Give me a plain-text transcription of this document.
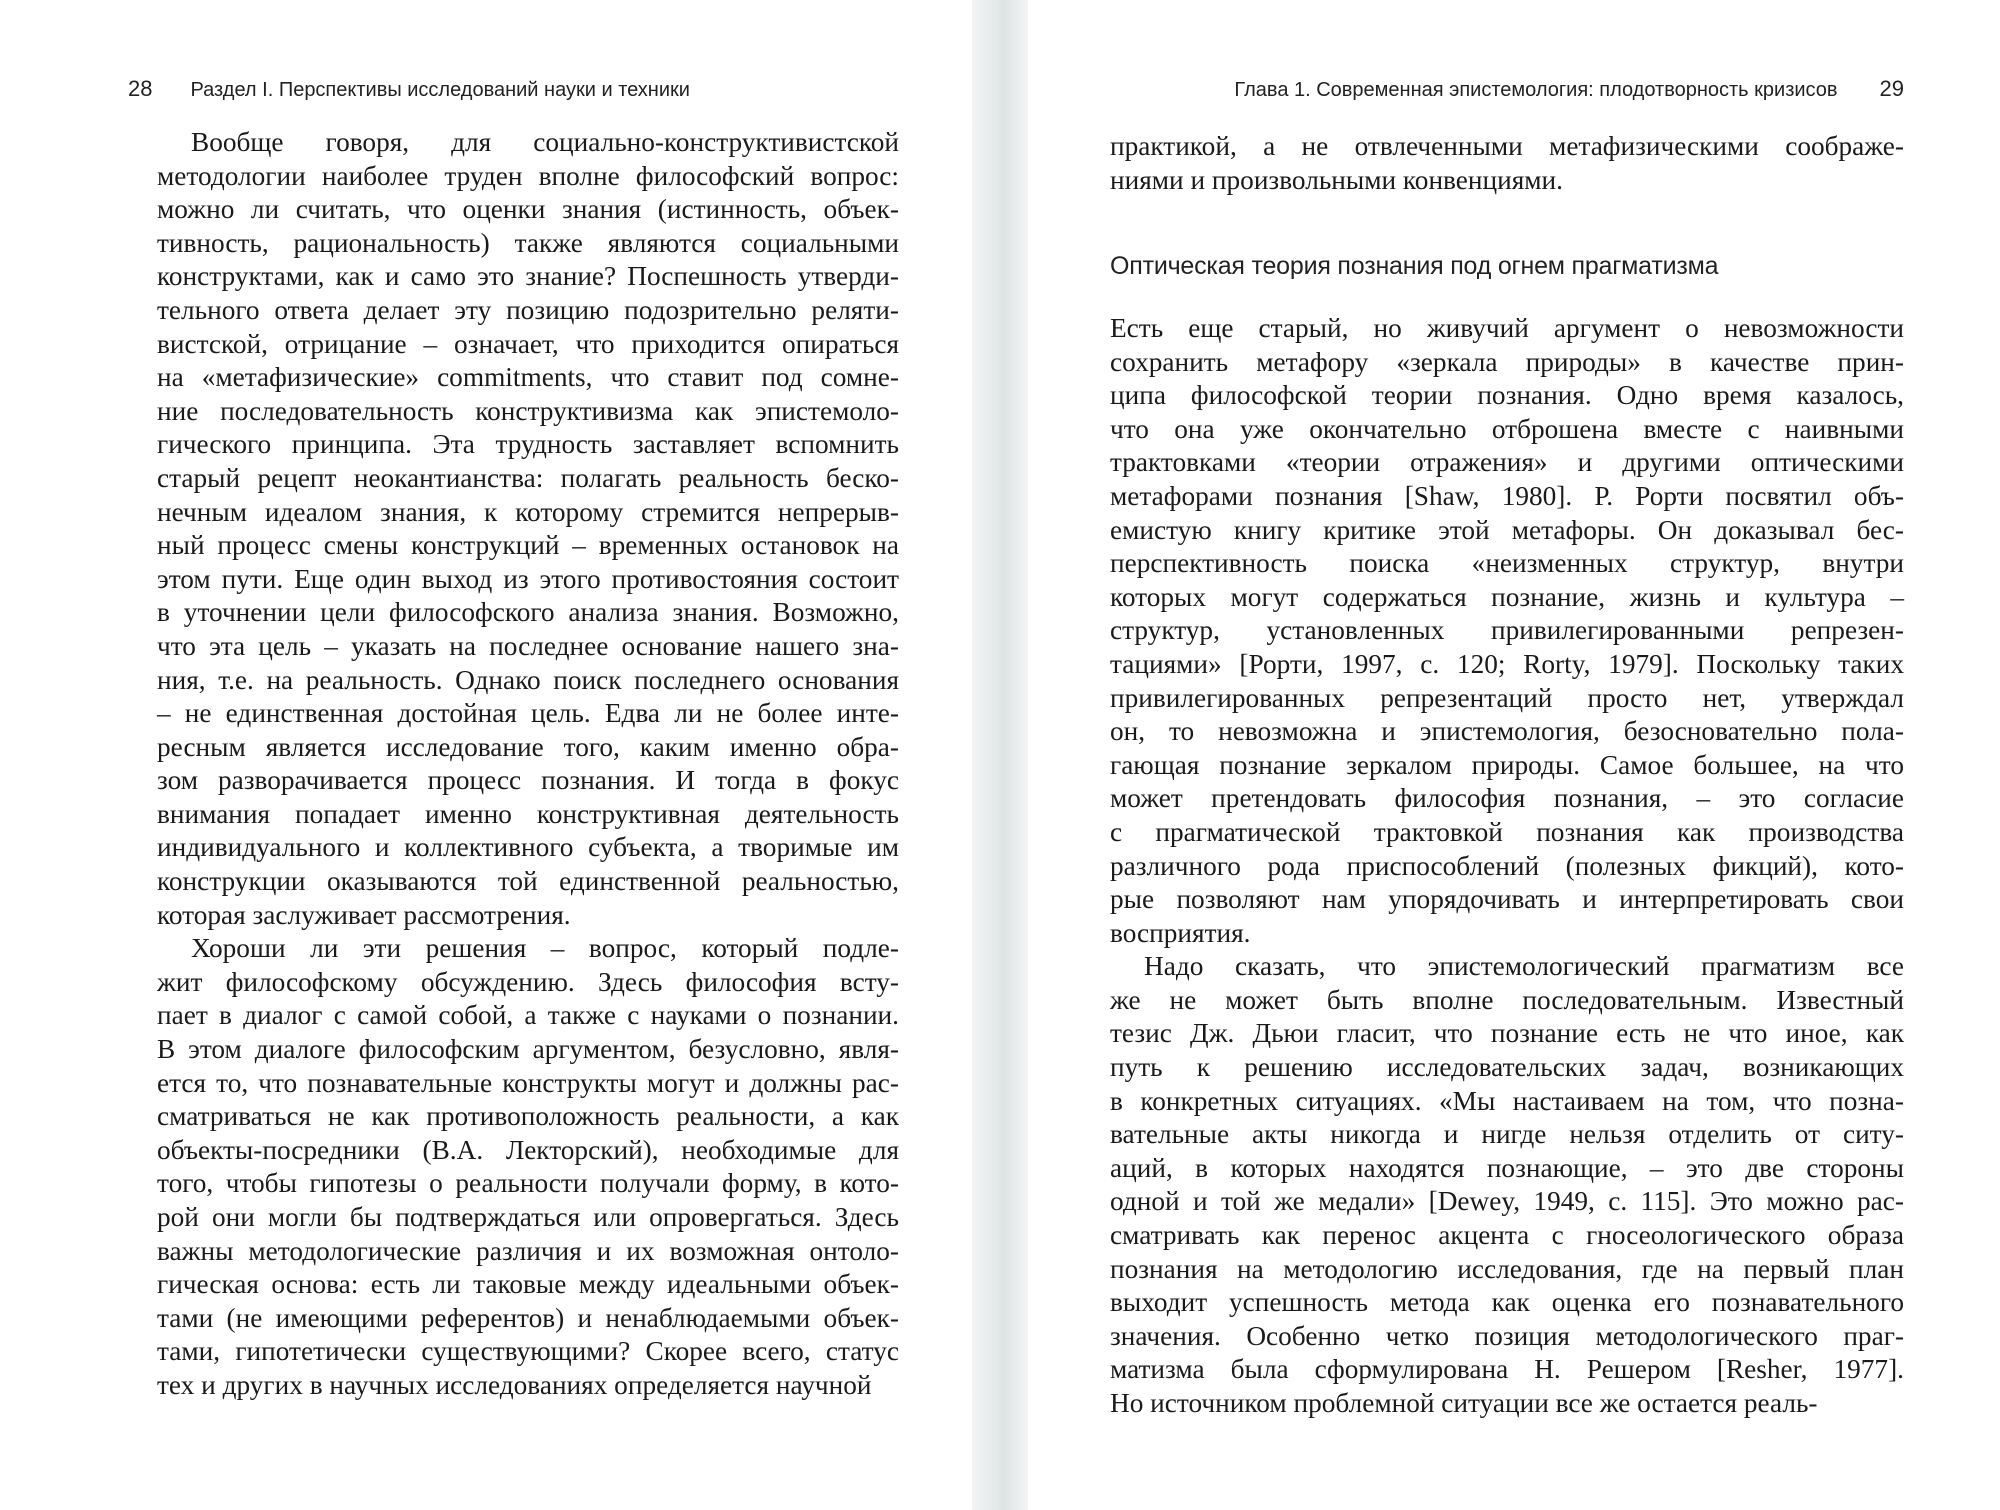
28 Раздел I. Перспективы исследований науки и техники
Вообще говоря, для социально-конструктивистской
методологии наиболее труден вполне философский вопрос:
можно ли считать, что оценки знания (истинность, объек-
тивность, рациональность) также являются социальными
конструктами, как и само это знание? Поспешность утверди-
тельного ответа делает эту позицию подозрительно реляти-
вистской, отрицание – означает, что приходится опираться
на «метафизические» commitments, что ставит под сомне-
ние последовательность конструктивизма как эпистемоло-
гического принципа. Эта трудность заставляет вспомнить
старый рецепт неокантианства: полагать реальность беско-
нечным идеалом знания, к которому стремится непрерыв-
ный процесс смены конструкций – временных остановок на
этом пути. Еще один выход из этого противостояния состоит
в уточнении цели философского анализа знания. Возможно,
что эта цель – указать на последнее основание нашего зна-
ния, т.е. на реальность. Однако поиск последнего основания
– не единственная достойная цель. Едва ли не более инте-
ресным является исследование того, каким именно обра-
зом разворачивается процесс познания. И тогда в фокус
внимания попадает именно конструктивная деятельность
индивидуального и коллективного субъекта, а творимые им
конструкции оказываются той единственной реальностью,
которая заслуживает рассмотрения.
Хороши ли эти решения – вопрос, который подле-
жит философскому обсуждению. Здесь философия всту-
пает в диалог с самой собой, а также с науками о познании.
В этом диалоге философским аргументом, безусловно, явля-
ется то, что познавательные конструкты могут и должны рас-
сматриваться не как противоположность реальности, а как
объекты-посредники (В.А. Лекторский), необходимые для
того, чтобы гипотезы о реальности получали форму, в кото-
рой они могли бы подтверждаться или опровергаться. Здесь
важны методологические различия и их возможная онтоло-
гическая основа: есть ли таковые между идеальными объек-
тами (не имеющими референтов) и ненаблюдаемыми объек-
тами, гипотетически существующими? Скорее всего, статус
тех и других в научных исследованиях определяется научной
Глава 1. Современная эпистемология: плодотворность кризисов 29
практикой, а не отвлеченными метафизическими соображе-
ниями и произвольными конвенциями.
Оптическая теория познания под огнем прагматизма
Есть еще старый, но живучий аргумент о невозможности
сохранить метафору «зеркала природы» в качестве прин-
ципа философской теории познания. Одно время казалось,
что она уже окончательно отброшена вместе с наивными
трактовками «теории отражения» и другими оптическими
метафорами познания [Shaw, 1980]. Р. Рорти посвятил объ-
емистую книгу критике этой метафоры. Он доказывал бес-
перспективность поиска «неизменных структур, внутри
которых могут содержаться познание, жизнь и культура –
структур, установленных привилегированными репрезен-
тациями» [Рорти, 1997, с. 120; Rorty, 1979]. Поскольку таких
привилегированных репрезентаций просто нет, утверждал
он, то невозможна и эпистемология, безосновательно пола-
гающая познание зеркалом природы. Самое большее, на что
может претендовать философия познания, – это согласие
с прагматической трактовкой познания как производства
различного рода приспособлений (полезных фикций), кото-
рые позволяют нам упорядочивать и интерпретировать свои
восприятия.
Надо сказать, что эпистемологический прагматизм все
же не может быть вполне последовательным. Известный
тезис Дж. Дьюи гласит, что познание есть не что иное, как
путь к решению исследовательских задач, возникающих
в конкретных ситуациях. «Мы настаиваем на том, что позна-
вательные акты никогда и нигде нельзя отделить от ситу-
аций, в которых находятся познающие, – это две стороны
одной и той же медали» [Dewey, 1949, с. 115]. Это можно рас-
сматривать как перенос акцента с гносеологического образа
познания на методологию исследования, где на первый план
выходит успешность метода как оценка его познавательного
значения. Особенно четко позиция методологического праг-
матизма была сформулирована Н. Решером [Resher, 1977].
Но источником проблемной ситуации все же остается реаль-
